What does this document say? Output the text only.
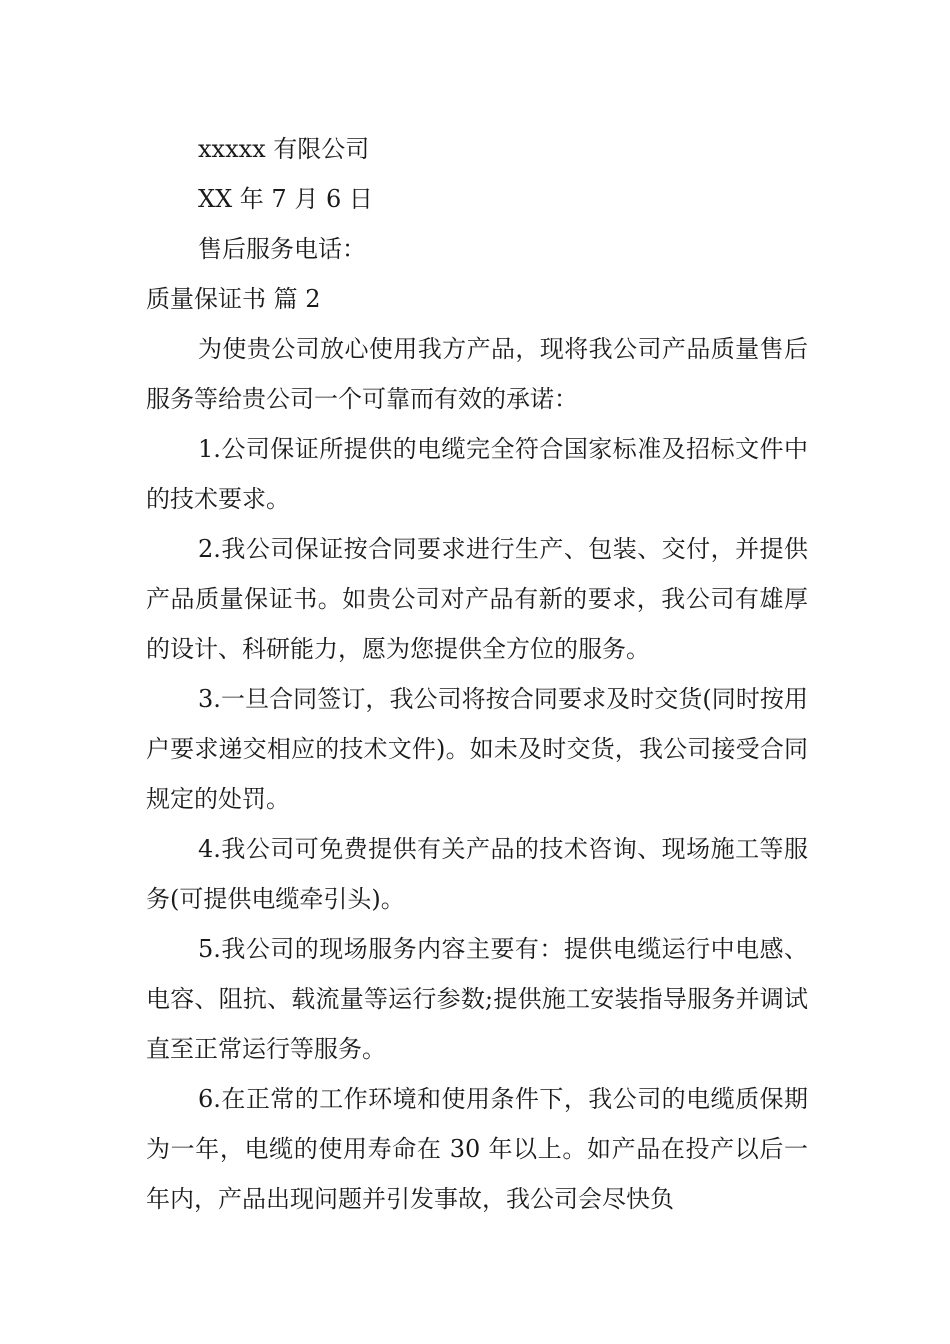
xxxxx 有限公司

XX 年 7 月 6 日

售后服务电话：

质量保证书 篇 2

为使贵公司放心使用我方产品，现将我公司产品质量售后服务等给贵公司一个可靠而有效的承诺：

1.公司保证所提供的电缆完全符合国家标准及招标文件中的技术要求。

2.我公司保证按合同要求进行生产、包装、交付，并提供产品质量保证书。如贵公司对产品有新的要求，我公司有雄厚的设计、科研能力，愿为您提供全方位的服务。

3.一旦合同签订，我公司将按合同要求及时交货(同时按用户要求递交相应的技术文件)。如未及时交货，我公司接受合同规定的处罚。

4.我公司可免费提供有关产品的技术咨询、现场施工等服务(可提供电缆牵引头)。

5.我公司的现场服务内容主要有：提供电缆运行中电感、电容、阻抗、载流量等运行参数;提供施工安装指导服务并调试直至正常运行等服务。

6.在正常的工作环境和使用条件下，我公司的电缆质保期为一年，电缆的使用寿命在 30 年以上。如产品在投产以后一年内，产品出现问题并引发事故，我公司会尽快负
